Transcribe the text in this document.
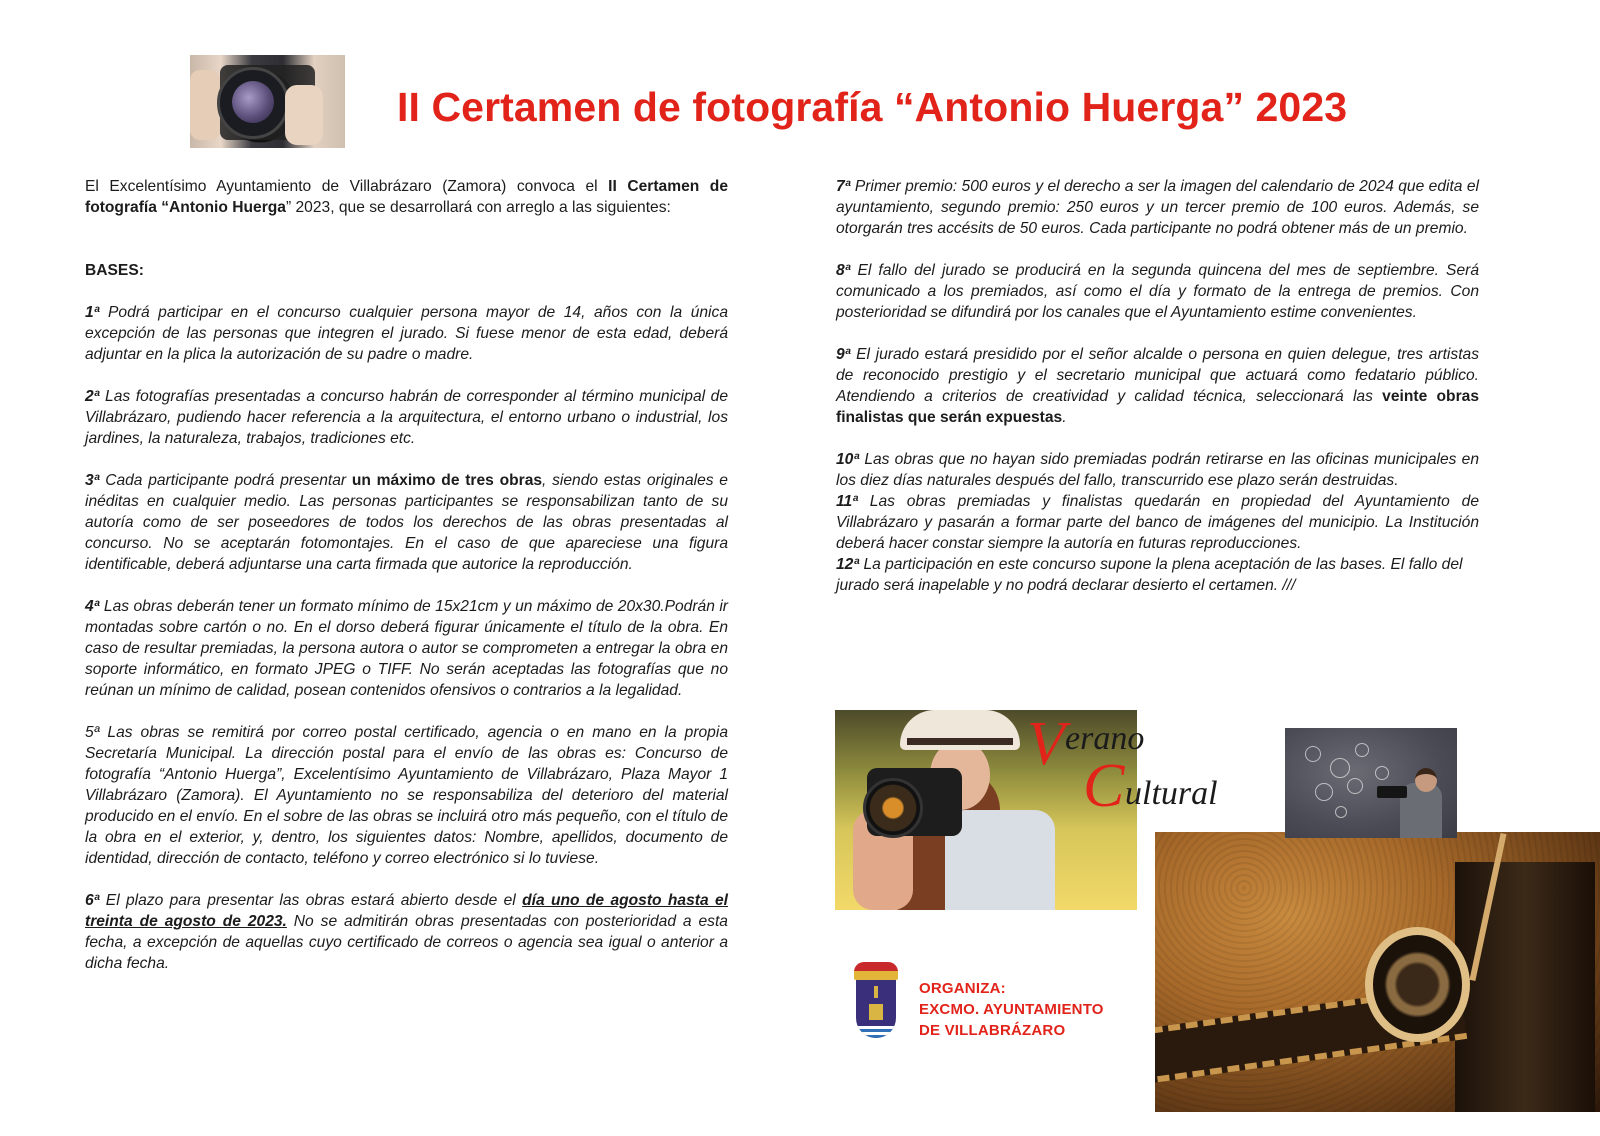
II Certamen de fotografía “Antonio Huerga” 2023

El Excelentísimo Ayuntamiento de Villabrázaro (Zamora) convoca el II Certamen de fotografía “Antonio Huerga” 2023, que se desarrollará con arreglo a las siguientes:

BASES:

1ª Podrá participar en el concurso cualquier persona mayor de 14, años con la única excepción de las personas que integren el jurado. Si fuese menor de esta edad, deberá adjuntar en la plica la autorización de su padre o madre.

2ª Las fotografías presentadas a concurso habrán de corresponder al término municipal de Villabrázaro, pudiendo hacer referencia a la arquitectura, el entorno urbano o industrial, los jardines, la naturaleza, trabajos, tradiciones etc.

3ª Cada participante podrá presentar un máximo de tres obras, siendo estas originales e inéditas en cualquier medio. Las personas participantes se responsabilizan tanto de su autoría como de ser poseedores de todos los derechos de las obras presentadas al concurso. No se aceptarán fotomontajes. En el caso de que apareciese una figura identificable, deberá adjuntarse una carta firmada que autorice la reproducción.

4ª Las obras deberán tener un formato mínimo de 15x21cm y un máximo de 20x30.Podrán ir montadas sobre cartón o no. En el dorso deberá figurar únicamente el título de la obra. En caso de resultar premiadas, la persona autora o autor se comprometen a entregar la obra en soporte informático, en formato JPEG o TIFF. No serán aceptadas las fotografías que no reúnan un mínimo de calidad, posean contenidos ofensivos o contrarios a la legalidad.

5ª Las obras se remitirá por correo postal certificado, agencia o en mano en la propia Secretaría Municipal. La dirección postal para el envío de las obras es: Concurso de fotografía “Antonio Huerga”, Excelentísimo Ayuntamiento de Villabrázaro, Plaza Mayor 1 Villabrázaro (Zamora). El Ayuntamiento no se responsabiliza del deterioro del material producido en el envío. En el sobre de las obras se incluirá otro más pequeño, con el título de la obra en el exterior, y, dentro, los siguientes datos: Nombre, apellidos, documento de identidad, dirección de contacto, teléfono y correo electrónico si lo tuviese.

6ª El plazo para presentar las obras estará abierto desde el día uno de agosto hasta el treinta de agosto de 2023. No se admitirán obras presentadas con posterioridad a esta fecha, a excepción de aquellas cuyo certificado de correos o agencia sea igual o anterior a dicha fecha.

7ª Primer premio: 500 euros y el derecho a ser la imagen del calendario de 2024 que edita el ayuntamiento, segundo premio: 250 euros y un tercer premio de 100 euros. Además, se otorgarán tres accésits de 50 euros. Cada participante no podrá obtener más de un premio.

8ª El fallo del jurado se producirá en la segunda quincena del mes de septiembre. Será comunicado a los premiados, así como el día y formato de la entrega de premios. Con posterioridad se difundirá por los canales que el Ayuntamiento estime convenientes.

9ª El jurado estará presidido por el señor alcalde o persona en quien delegue, tres artistas de reconocido prestigio y el secretario municipal que actuará como fedatario público. Atendiendo a criterios de creatividad y calidad técnica, seleccionará las veinte obras finalistas que serán expuestas.

10ª Las obras que no hayan sido premiadas podrán retirarse en las oficinas municipales en los diez días naturales después del fallo, transcurrido ese plazo serán destruidas.

11ª Las obras premiadas y finalistas quedarán en propiedad del Ayuntamiento de Villabrázaro y pasarán a formar parte del banco de imágenes del municipio. La Institución deberá hacer constar siempre la autoría en futuras reproducciones.

12ª La participación en este concurso supone la plena aceptación de las bases. El fallo del jurado será inapelable y no podrá declarar desierto el certamen. ///

V erano
C ultural
ORGANIZA:
EXCMO. AYUNTAMIENTO
DE VILLABRÁZARO
